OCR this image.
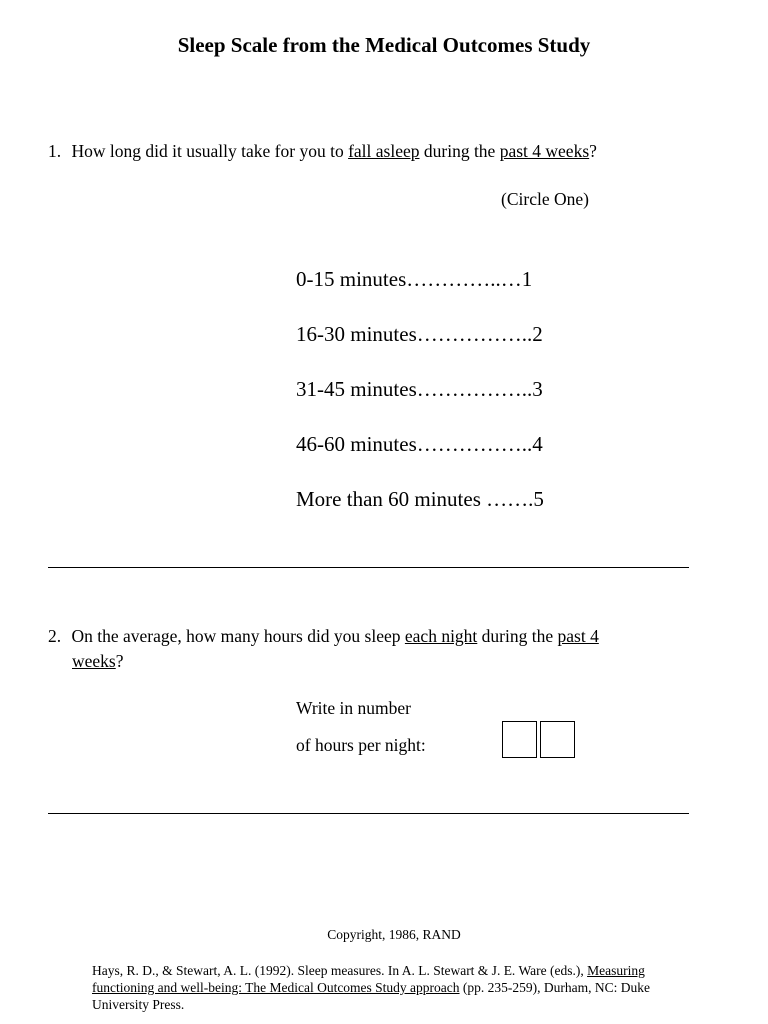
Sleep Scale from the Medical Outcomes Study
1. How long did it usually take for you to fall asleep during the past 4 weeks?
(Circle One)
0-15 minutes…………..…1
16-30 minutes……………..2
31-45 minutes……………..3
46-60 minutes……………..4
More than 60 minutes …….5
2. On the average, how many hours did you sleep each night during the past 4
weeks?
Write in number
of hours per night:
Copyright, 1986, RAND
Hays, R. D., & Stewart, A. L. (1992). Sleep measures. In A. L. Stewart & J. E. Ware (eds.), Measuring functioning and well-being: The Medical Outcomes Study approach (pp. 235-259), Durham, NC: Duke University Press.
